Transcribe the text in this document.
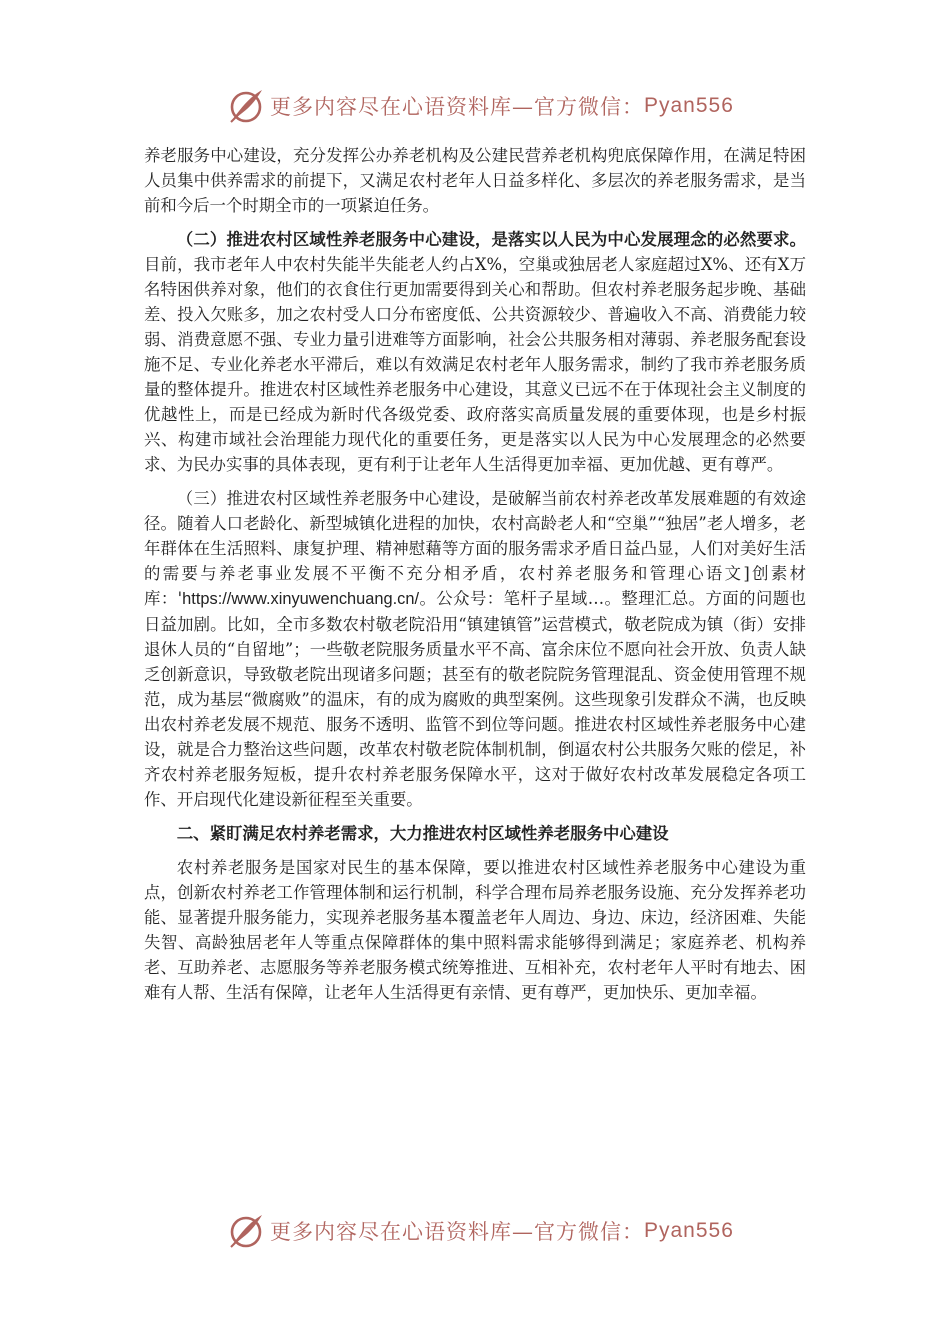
更多内容尽在心语资料库—官方微信： Pyan556

养老服务中心建设，充分发挥公办养老机构及公建民营养老机构兜底保障作用，在满足特困人员集中供养需求的前提下，又满足农村老年人日益多样化、多层次的养老服务需求，是当前和今后一个时期全市的一项紧迫任务。

（二）推进农村区域性养老服务中心建设，是落实以人民为中心发展理念的必然要求。目前，我市老年人中农村失能半失能老人约占X%，空巢或独居老人家庭超过X%、还有X万名特困供养对象，他们的衣食住行更加需要得到关心和帮助。但农村养老服务起步晚、基础差、投入欠账多，加之农村受人口分布密度低、公共资源较少、普遍收入不高、消费能力较弱、消费意愿不强、专业力量引进难等方面影响，社会公共服务相对薄弱、养老服务配套设施不足、专业化养老水平滞后，难以有效满足农村老年人服务需求，制约了我市养老服务质量的整体提升。推进农村区域性养老服务中心建设，其意义已远不在于体现社会主义制度的优越性上，而是已经成为新时代各级党委、政府落实高质量发展的重要体现，也是乡村振兴、构建市域社会治理能力现代化的重要任务，更是落实以人民为中心发展理念的必然要求、为民办实事的具体表现，更有利于让老年人生活得更加幸福、更加优越、更有尊严。

（三）推进农村区域性养老服务中心建设，是破解当前农村养老改革发展难题的有效途径。随着人口老龄化、新型城镇化进程的加快，农村高龄老人和“空巢”“独居”老人增多，老年群体在生活照料、康复护理、精神慰藉等方面的服务需求矛盾日益凸显，人们对美好生活的需要与养老事业发展不平衡不充分相矛盾，农村养老服务和管理心语文]创素材库：'https://www.xinyuwenchuang.cn/。公众号：笔杆子星域…。整理汇总。方面的问题也日益加剧。比如，全市多数农村敬老院沿用“镇建镇管”运营模式，敬老院成为镇（街）安排退休人员的“自留地”；一些敬老院服务质量水平不高、富余床位不愿向社会开放、负责人缺乏创新意识，导致敬老院出现诸多问题；甚至有的敬老院院务管理混乱、资金使用管理不规范，成为基层“微腐败”的温床，有的成为腐败的典型案例。这些现象引发群众不满，也反映出农村养老发展不规范、服务不透明、监管不到位等问题。推进农村区域性养老服务中心建设，就是合力整治这些问题，改革农村敬老院体制机制，倒逼农村公共服务欠账的偿足，补齐农村养老服务短板，提升农村养老服务保障水平，这对于做好农村改革发展稳定各项工作、开启现代化建设新征程至关重要。

二、紧盯满足农村养老需求，大力推进农村区域性养老服务中心建设

农村养老服务是国家对民生的基本保障，要以推进农村区域性养老服务中心建设为重点，创新农村养老工作管理体制和运行机制，科学合理布局养老服务设施、充分发挥养老功能、显著提升服务能力，实现养老服务基本覆盖老年人周边、身边、床边，经济困难、失能失智、高龄独居老年人等重点保障群体的集中照料需求能够得到满足；家庭养老、机构养老、互助养老、志愿服务等养老服务模式统筹推进、互相补充，农村老年人平时有地去、困难有人帮、生活有保障，让老年人生活得更有亲情、更有尊严，更加快乐、更加幸福。

更多内容尽在心语资料库—官方微信： Pyan556
